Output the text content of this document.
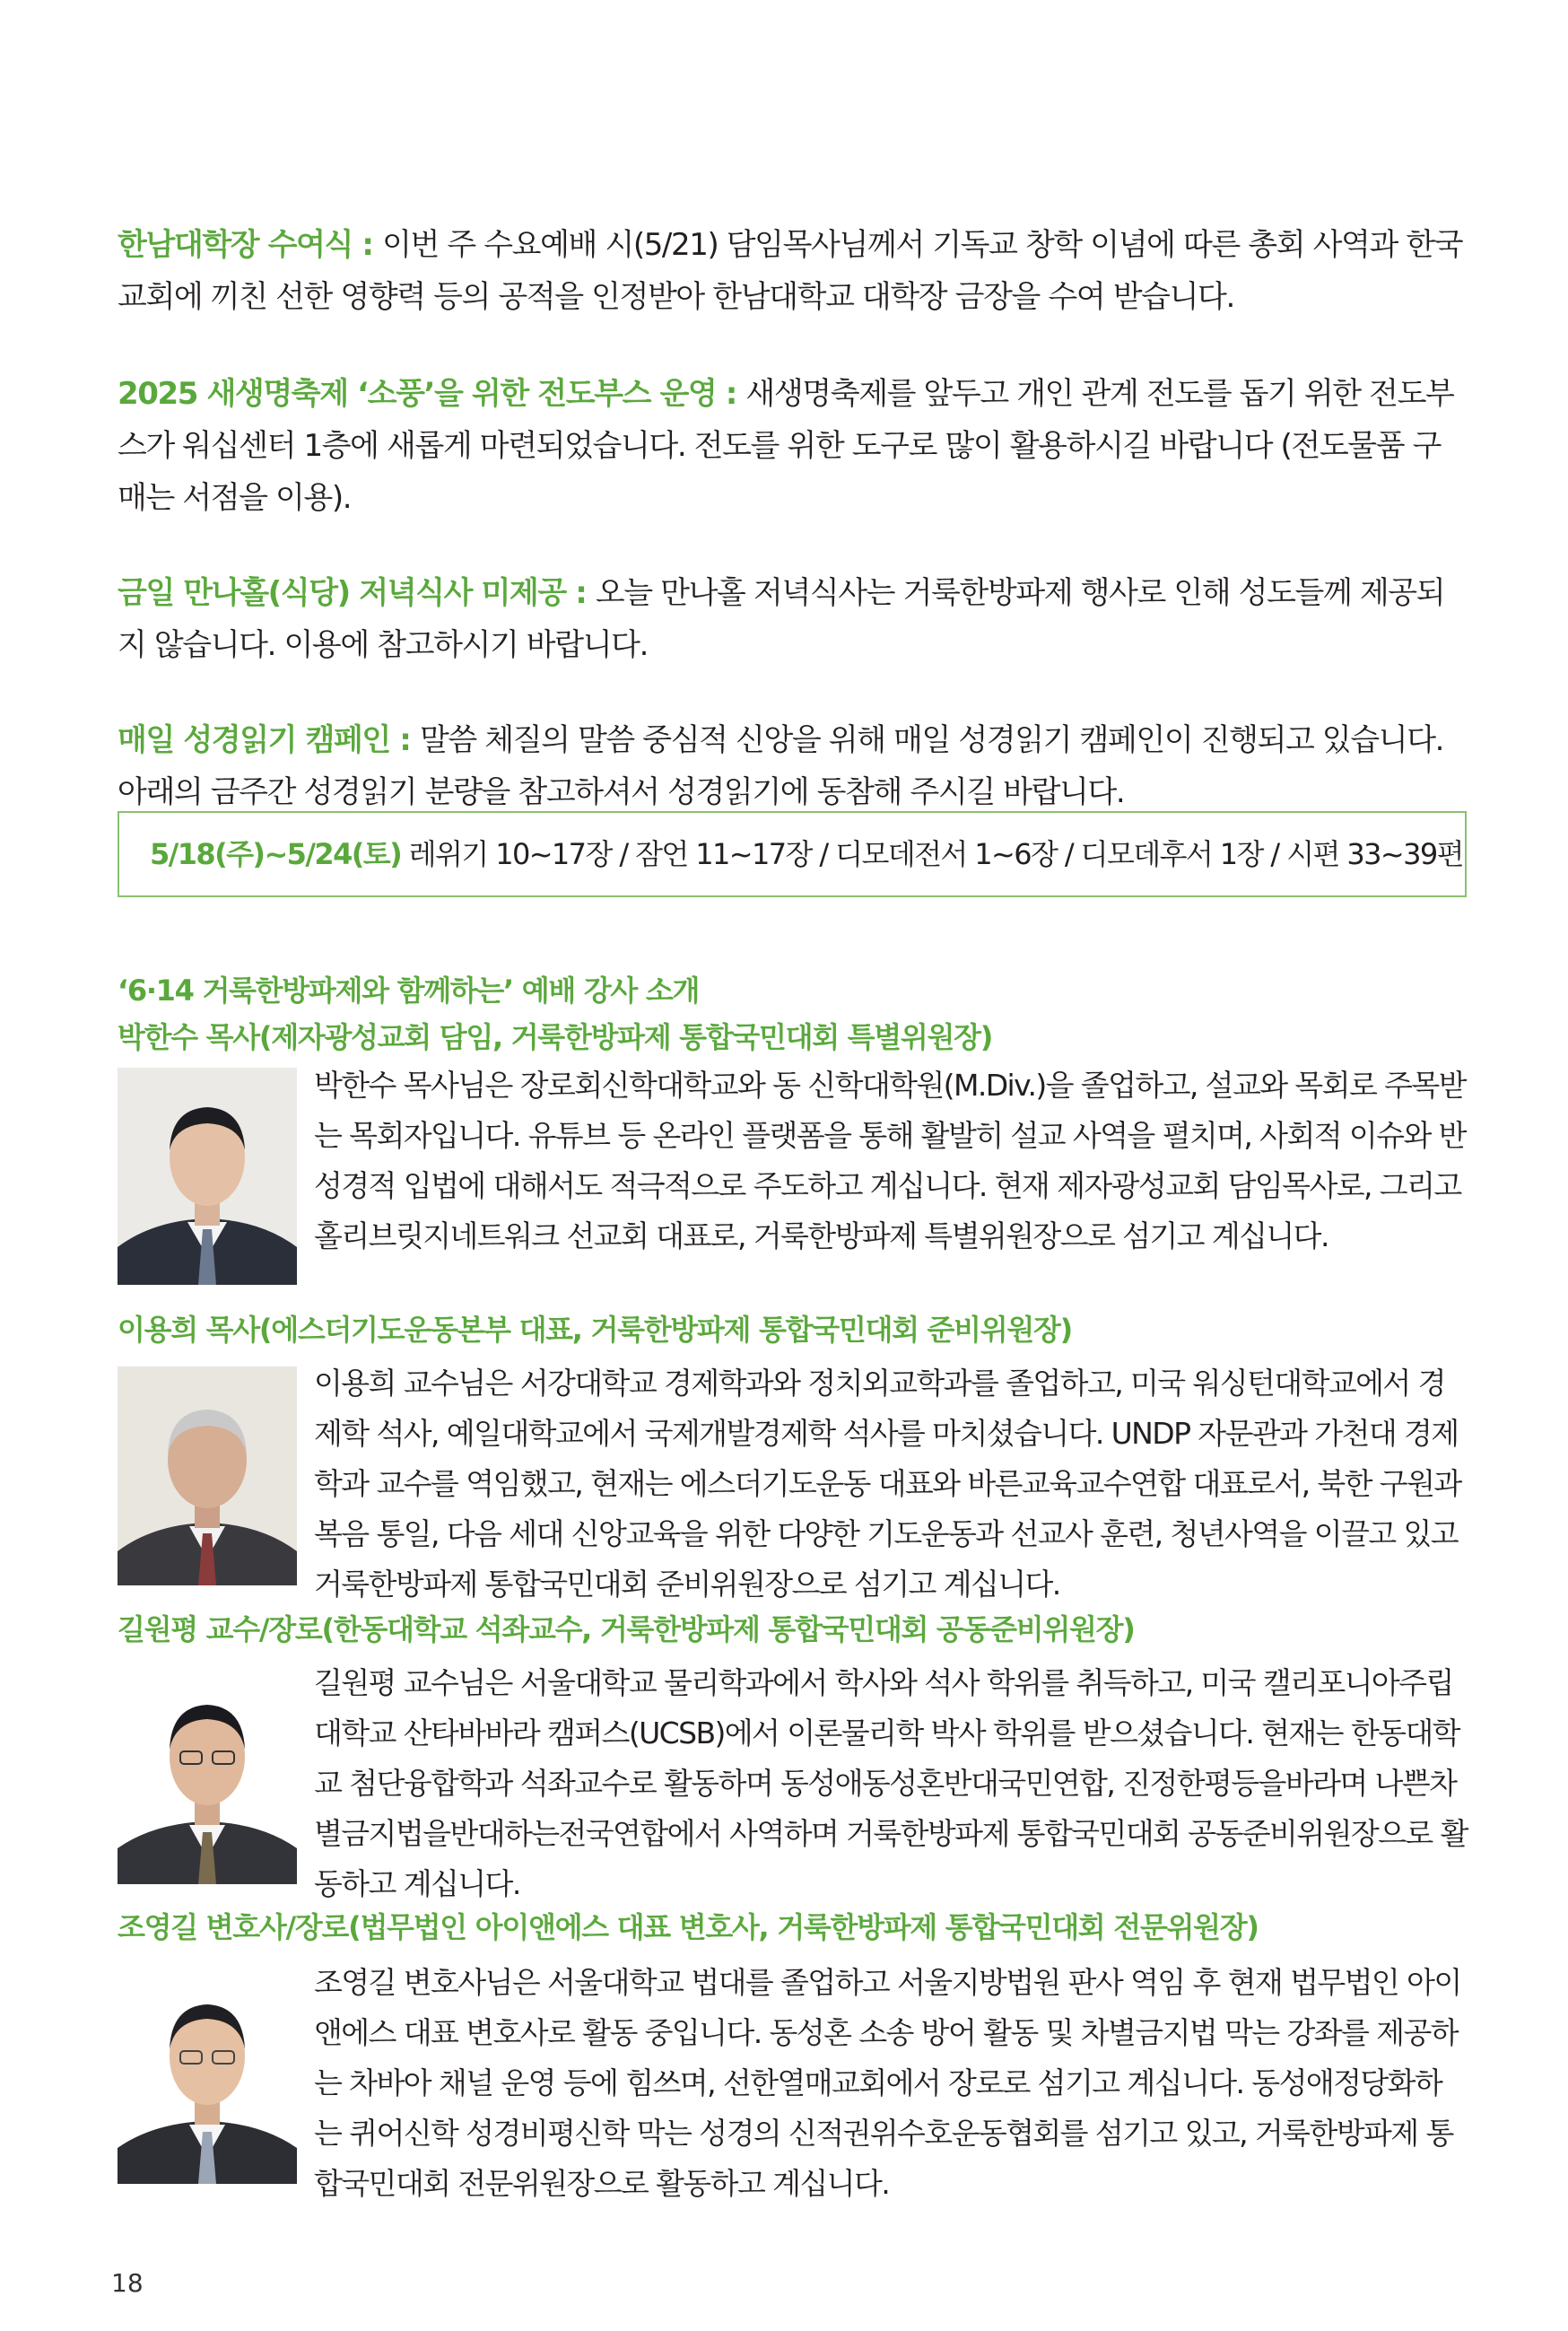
한남대학장 수여식 : 이번 주 수요예배 시(5/21) 담임목사님께서 기독교 창학 이념에 따른 총회 사역과 한국교회에 끼친 선한 영향력 등의 공적을 인정받아 한남대학교 대학장 금장을 수여 받습니다.
2025 새생명축제 ‘소풍’을 위한 전도부스 운영 : 새생명축제를 앞두고 개인 관계 전도를 돕기 위한 전도부스가 워십센터 1층에 새롭게 마련되었습니다. 전도를 위한 도구로 많이 활용하시길 바랍니다 (전도물품 구매는 서점을 이용).
금일 만나홀(식당) 저녁식사 미제공 : 오늘 만나홀 저녁식사는 거룩한방파제 행사로 인해 성도들께 제공되지 않습니다. 이용에 참고하시기 바랍니다.
매일 성경읽기 캠페인 : 말씀 체질의 말씀 중심적 신앙을 위해 매일 성경읽기 캠페인이 진행되고 있습니다. 아래의 금주간 성경읽기 분량을 참고하셔서 성경읽기에 동참해 주시길 바랍니다.
5/18(주)~5/24(토) 레위기 10~17장 / 잠언 11~17장 / 디모데전서 1~6장 / 디모데후서 1장 / 시편 33~39편
‘6·14 거룩한방파제와 함께하는’ 예배 강사 소개
박한수 목사(제자광성교회 담임, 거룩한방파제 통합국민대회 특별위원장)
박한수 목사님은 장로회신학대학교와 동 신학대학원(M.Div.)을 졸업하고, 설교와 목회로 주목받는 목회자입니다. 유튜브 등 온라인 플랫폼을 통해 활발히 설교 사역을 펼치며, 사회적 이슈와 반성경적 입법에 대해서도 적극적으로 주도하고 계십니다. 현재 제자광성교회 담임목사로, 그리고 홀리브릿지네트워크 선교회 대표로, 거룩한방파제 특별위원장으로 섬기고 계십니다.
이용희 목사(에스더기도운동본부 대표, 거룩한방파제 통합국민대회 준비위원장)
이용희 교수님은 서강대학교 경제학과와 정치외교학과를 졸업하고, 미국 워싱턴대학교에서 경제학 석사, 예일대학교에서 국제개발경제학 석사를 마치셨습니다. UNDP 자문관과 가천대 경제학과 교수를 역임했고, 현재는 에스더기도운동 대표와 바른교육교수연합 대표로서, 북한 구원과 복음 통일, 다음 세대 신앙교육을 위한 다양한 기도운동과 선교사 훈련, 청년사역을 이끌고 있고 거룩한방파제 통합국민대회 준비위원장으로 섬기고 계십니다.
길원평 교수/장로(한동대학교 석좌교수, 거룩한방파제 통합국민대회 공동준비위원장)
길원평 교수님은 서울대학교 물리학과에서 학사와 석사 학위를 취득하고, 미국 캘리포니아주립대학교 산타바바라 캠퍼스(UCSB)에서 이론물리학 박사 학위를 받으셨습니다. 현재는 한동대학교 첨단융합학과 석좌교수로 활동하며 동성애동성혼반대국민연합, 진정한평등을바라며 나쁜차별금지법을반대하는전국연합에서 사역하며 거룩한방파제 통합국민대회 공동준비위원장으로 활동하고 계십니다.
조영길 변호사/장로(법무법인 아이앤에스 대표 변호사, 거룩한방파제 통합국민대회 전문위원장)
조영길 변호사님은 서울대학교 법대를 졸업하고 서울지방법원 판사 역임 후 현재 법무법인 아이앤에스 대표 변호사로 활동 중입니다. 동성혼 소송 방어 활동 및 차별금지법 막는 강좌를 제공하는 차바아 채널 운영 등에 힘쓰며, 선한열매교회에서 장로로 섬기고 계십니다. 동성애정당화하는 퀴어신학 성경비평신학 막는 성경의 신적권위수호운동협회를 섬기고 있고, 거룩한방파제 통합국민대회 전문위원장으로 활동하고 계십니다.
18
